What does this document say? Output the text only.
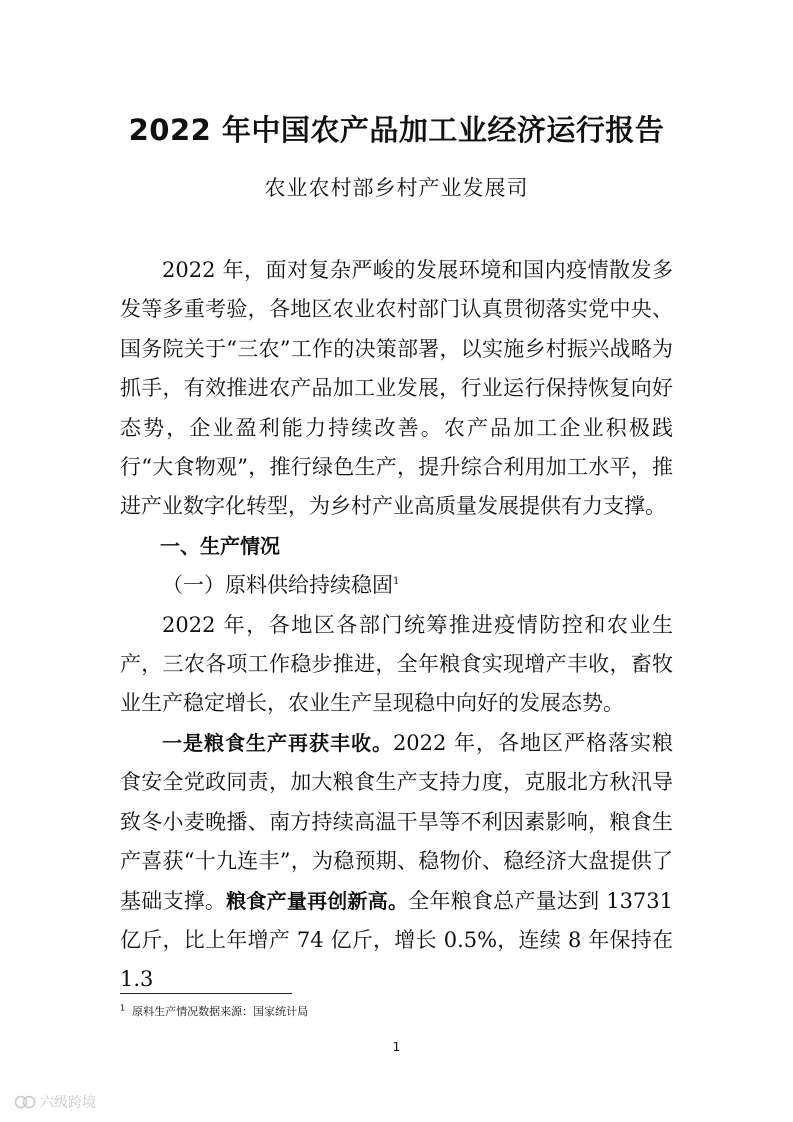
2022 年中国农产品加工业经济运行报告
农业农村部乡村产业发展司

2022 年，面对复杂严峻的发展环境和国内疫情散发多发等多重考验，各地区农业农村部门认真贯彻落实党中央、国务院关于“三农”工作的决策部署，以实施乡村振兴战略为抓手，有效推进农产品加工业发展，行业运行保持恢复向好态势，企业盈利能力持续改善。农产品加工企业积极践行“大食物观”，推行绿色生产，提升综合利用加工水平，推进产业数字化转型，为乡村产业高质量发展提供有力支撑。

一、生产情况
（一）原料供给持续稳固$^1$

2022 年，各地区各部门统筹推进疫情防控和农业生产，三农各项工作稳步推进，全年粮食实现增产丰收，畜牧业生产稳定增长，农业生产呈现稳中向好的发展态势。

一是粮食生产再获丰收。2022 年，各地区严格落实粮食安全党政同责，加大粮食生产支持力度，克服北方秋汛导致冬小麦晚播、南方持续高温干旱等不利因素影响，粮食生产喜获“十九连丰”，为稳预期、稳物价、稳经济大盘提供了基础支撑。粮食产量再创新高。全年粮食总产量达到 13731 亿斤，比上年增产 74 亿斤，增长 0.5%，连续 8 年保持在 1.3

$^1$ 原料生产情况数据来源：国家统计局
1
六级跨境
